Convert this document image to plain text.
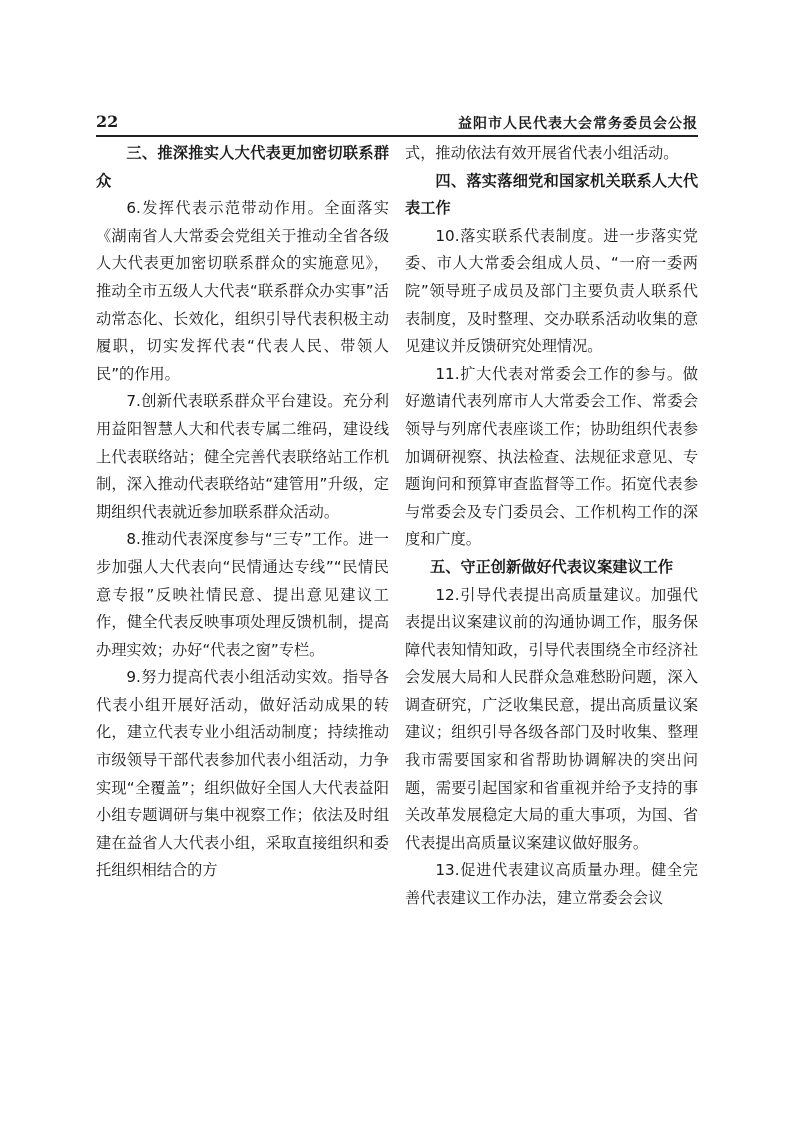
22	益阳市人民代表大会常务委员会公报
三、推深推实人大代表更加密切联系群众

6.发挥代表示范带动作用。全面落实《湖南省人大常委会党组关于推动全省各级人大代表更加密切联系群众的实施意见》，推动全市五级人大代表“联系群众办实事”活动常态化、长效化，组织引导代表积极主动履职，切实发挥代表“代表人民、带领人民”的作用。

7.创新代表联系群众平台建设。充分利用益阳智慧人大和代表专属二维码，建设线上代表联络站；健全完善代表联络站工作机制，深入推动代表联络站“建管用”升级，定期组织代表就近参加联系群众活动。

8.推动代表深度参与“三专”工作。进一步加强人大代表向“民情通达专线”“民情民意专报”反映社情民意、提出意见建议工作，健全代表反映事项处理反馈机制，提高办理实效；办好“代表之窗”专栏。

9.努力提高代表小组活动实效。指导各代表小组开展好活动，做好活动成果的转化，建立代表专业小组活动制度；持续推动市级领导干部代表参加代表小组活动，力争实现“全覆盖”；组织做好全国人大代表益阳小组专题调研与集中视察工作；依法及时组建在益省人大代表小组，采取直接组织和委托组织相结合的方

式，推动依法有效开展省代表小组活动。

四、落实落细党和国家机关联系人大代表工作

10.落实联系代表制度。进一步落实党委、市人大常委会组成人员、“一府一委两院”领导班子成员及部门主要负责人联系代表制度，及时整理、交办联系活动收集的意见建议并反馈研究处理情况。

11.扩大代表对常委会工作的参与。做好邀请代表列席市人大常委会工作、常委会领导与列席代表座谈工作；协助组织代表参加调研视察、执法检查、法规征求意见、专题询问和预算审查监督等工作。拓宽代表参与常委会及专门委员会、工作机构工作的深度和广度。

五、守正创新做好代表议案建议工作

12.引导代表提出高质量建议。加强代表提出议案建议前的沟通协调工作，服务保障代表知情知政，引导代表围绕全市经济社会发展大局和人民群众急难愁盼问题，深入调查研究，广泛收集民意，提出高质量议案建议；组织引导各级各部门及时收集、整理我市需要国家和省帮助协调解决的突出问题，需要引起国家和省重视并给予支持的事关改革发展稳定大局的重大事项，为国、省代表提出高质量议案建议做好服务。

13.促进代表建议高质量办理。健全完善代表建议工作办法，建立常委会会议
